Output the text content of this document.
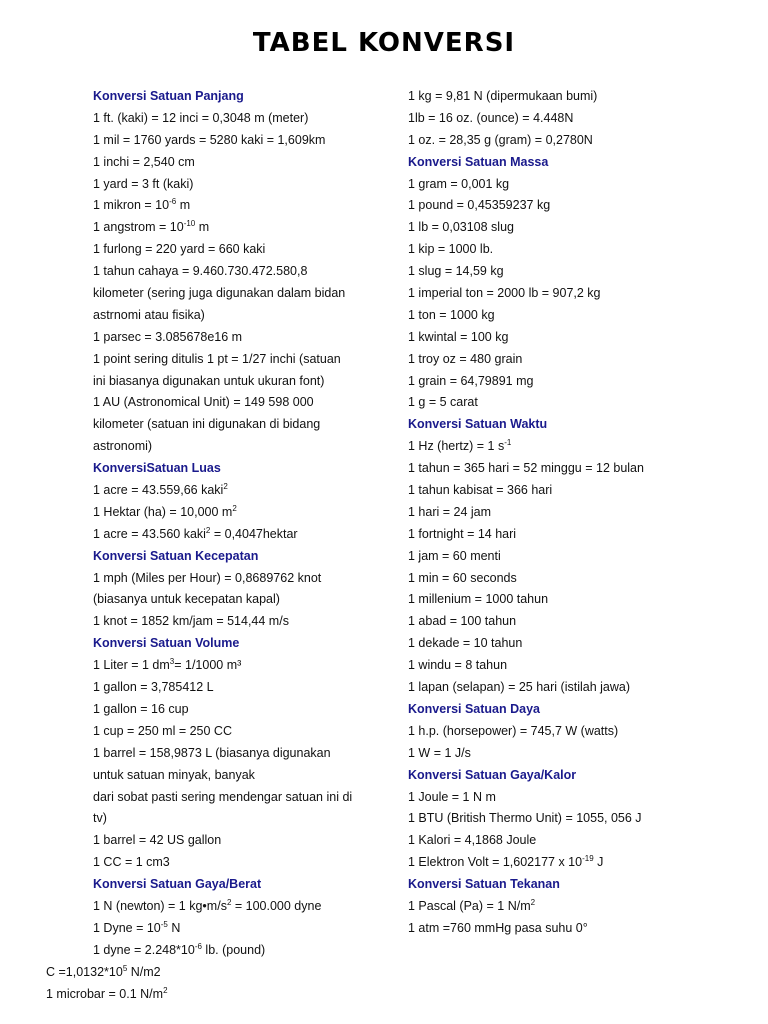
TABEL KONVERSI
Konversi Satuan Panjang
1 ft. (kaki) = 12 inci = 0,3048 m (meter)
1 mil = 1760 yards = 5280 kaki = 1,609km
1 inchi = 2,540 cm
1 yard = 3 ft (kaki)
1 mikron = $10^{-6}$ m
1 angstrom = $10^{-10}$ m
1 furlong = 220 yard = 660 kaki
1 tahun cahaya = 9.460.730.472.580,8
kilometer (sering juga digunakan dalam bidan
astrnomi atau fisika)
1 parsec = 3.085678e16 m
1 point sering ditulis 1 pt = 1/27 inchi (satuan
ini biasanya digunakan untuk ukuran font)
1 AU (Astronomical Unit) = 149 598 000
kilometer (satuan ini digunakan di bidang
astronomi)
KonversiSatuan Luas
1 acre = 43.559,66 kaki$^2$
1 Hektar (ha) = 10,000 $m^2$
1 acre = 43.560 kaki$^2$ = 0,4047hektar
Konversi Satuan Kecepatan
1 mph (Miles per Hour) = 0,8689762 knot
(biasanya untuk kecepatan kapal)
1 knot = 1852 km/jam = 514,44 m/s
Konversi Satuan Volume
1 Liter = 1 $dm^3= 1/1000$ m³
1 gallon = 3,785412 L
1 gallon = 16 cup
1 cup = 250 ml = 250 CC
1 barrel = 158,9873 L (biasanya digunakan
untuk satuan minyak, banyak
dari sobat pasti sering mendengar satuan ini di
tv)
1 barrel = 42 US gallon
1 CC = 1 cm3
Konversi Satuan Gaya/Berat
1 N (newton) = 1 $kg•m/s^2 = 100.000$ dyne
1 Dyne = $10^{-5}$ N
1 dyne = $2.248*10^{-6}$ lb. (pound)
1 kg = 9,81 N (dipermukaan bumi)
1lb = 16 oz. (ounce) = 4.448N
1 oz. = 28,35 g (gram) = 0,2780N
Konversi Satuan Massa
1 gram = 0,001 kg
1 pound = 0,45359237 kg
1 lb = 0,03108 slug
1 kip = 1000 lb.
1 slug = 14,59 kg
1 imperial ton = 2000 lb = 907,2 kg
1 ton = 1000 kg
1 kwintal = 100 kg
1 troy oz = 480 grain
1 grain = 64,79891 mg
1 g = 5 carat
Konversi Satuan Waktu
1 Hz (hertz) = 1 $s^{-1}$
1 tahun = 365 hari = 52 minggu = 12 bulan
1 tahun kabisat = 366 hari
1 hari = 24 jam
1 fortnight = 14 hari
1 jam = 60 menti
1 min = 60 seconds
1 millenium = 1000 tahun
1 abad = 100 tahun
1 dekade = 10 tahun
1 windu = 8 tahun
1 lapan (selapan) = 25 hari (istilah jawa)
Konversi Satuan Daya
1 h.p. (horsepower) = 745,7 W (watts)
1 W = 1 J/s
Konversi Satuan Gaya/Kalor
1 Joule = 1 N m
1 BTU (British Thermo Unit) = 1055, 056 J
1 Kalori = 4,1868 Joule
1 Elektron Volt = 1,602177 x $10^{-19}$ J
Konversi Satuan Tekanan
1 Pascal (Pa) = 1 $N/m^2$
1 atm =760 mmHg pasa suhu 0°
$C =1,0132*10^5$ N/m2
1 microbar = 0.1 $N/m^2$
